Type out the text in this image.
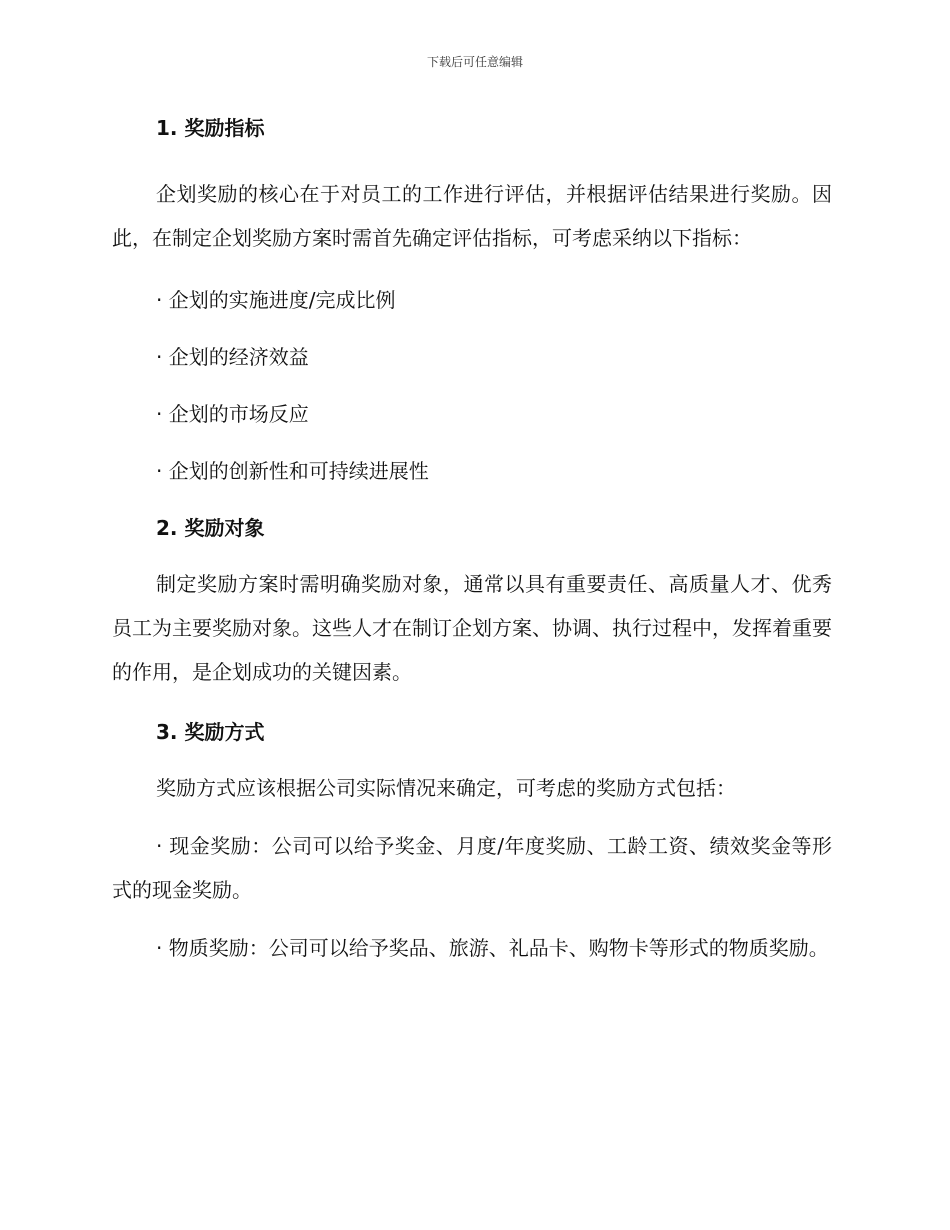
下载后可任意编辑
1. 奖励指标

企划奖励的核心在于对员工的工作进行评估，并根据评估结果进行奖励。因此，在制定企划奖励方案时需首先确定评估指标，可考虑采纳以下指标：

· 企划的实施进度/完成比例

· 企划的经济效益

· 企划的市场反应

· 企划的创新性和可持续进展性

2. 奖励对象

制定奖励方案时需明确奖励对象，通常以具有重要责任、高质量人才、优秀员工为主要奖励对象。这些人才在制订企划方案、协调、执行过程中，发挥着重要的作用，是企划成功的关键因素。

3. 奖励方式

奖励方式应该根据公司实际情况来确定，可考虑的奖励方式包括：

· 现金奖励：公司可以给予奖金、月度/年度奖励、工龄工资、绩效奖金等形式的现金奖励。

· 物质奖励：公司可以给予奖品、旅游、礼品卡、购物卡等形式的物质奖励。
